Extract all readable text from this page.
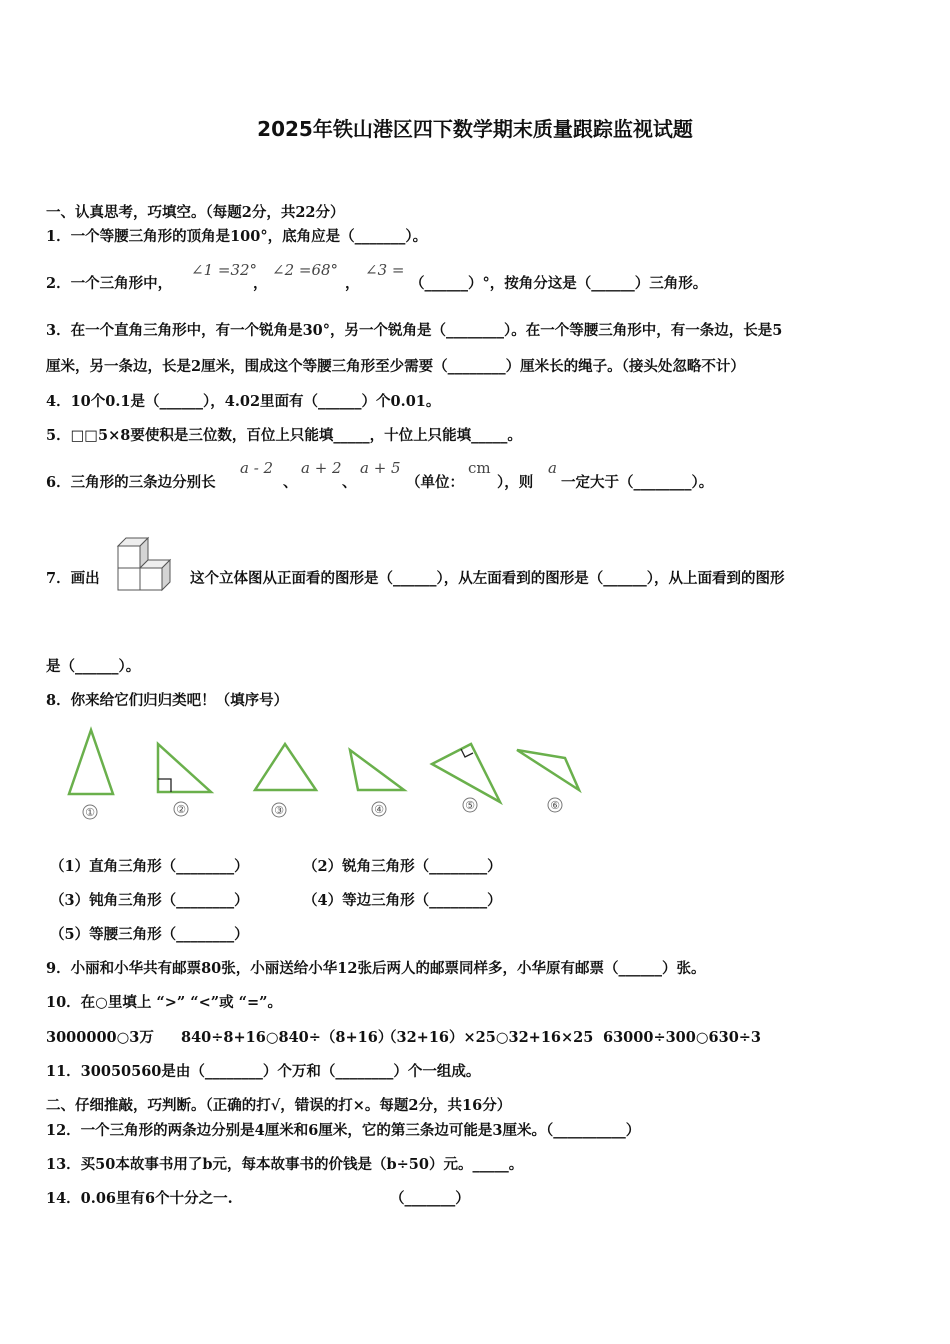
2025年铁山港区四下数学期末质量跟踪监视试题
一、认真思考，巧填空。（每题2分，共22分）
1．一个等腰三角形的顶角是100°，底角应是（_______）。
2．一个三角形中，
∠1 =32°
，
∠2 =68°
，
∠3 =
（______）°，按角分这是（______）三角形。
3．在一个直角三角形中，有一个锐角是30°，另一个锐角是（________）。在一个等腰三角形中，有一条边，长是5
厘米，另一条边，长是2厘米，围成这个等腰三角形至少需要（________）厘米长的绳子。（接头处忽略不计）
4．10个0.1是（______），4.02里面有（______）个0.01。
5．□□5×8要使积是三位数，百位上只能填_____，十位上只能填_____。
6．三角形的三条边分别长
a - 2
、
a + 2
、
a + 5
（单位：
cm
），则
a
一定大于（________）。
7．画出	这个立体图从正面看的图形是（______），从左面看到的图形是（______），从上面看到的图形
是（______）。
8．你来给它们归归类吧！（填序号）
①	②	③	④	⑤	⑥
（1）直角三角形（________）	（2）锐角三角形（________）
（3）钝角三角形（________）	（4）等边三角形（________）
（5）等腰三角形（________）
9．小丽和小华共有邮票80张，小丽送给小华12张后两人的邮票同样多，小华原有邮票（______）张。
10．在○里填上 “>” “<”或 “=”。
3000000○3万 840÷8+16○840÷（8+16）
（32+16）×25○32+16×25 63000÷300○630÷3
11．30050560是由（________）个万和（________）个一组成。
二、仔细推敲，巧判断。（正确的打√，错误的打×。每题2分，共16分）
12．一个三角形的两条边分别是4厘米和6厘米，它的第三条边可能是3厘米。（__________）
13．买50本故事书用了b元，每本故事书的价钱是（b÷50）元。_____。
14．0.06里有6个十分之一.	（_______）
